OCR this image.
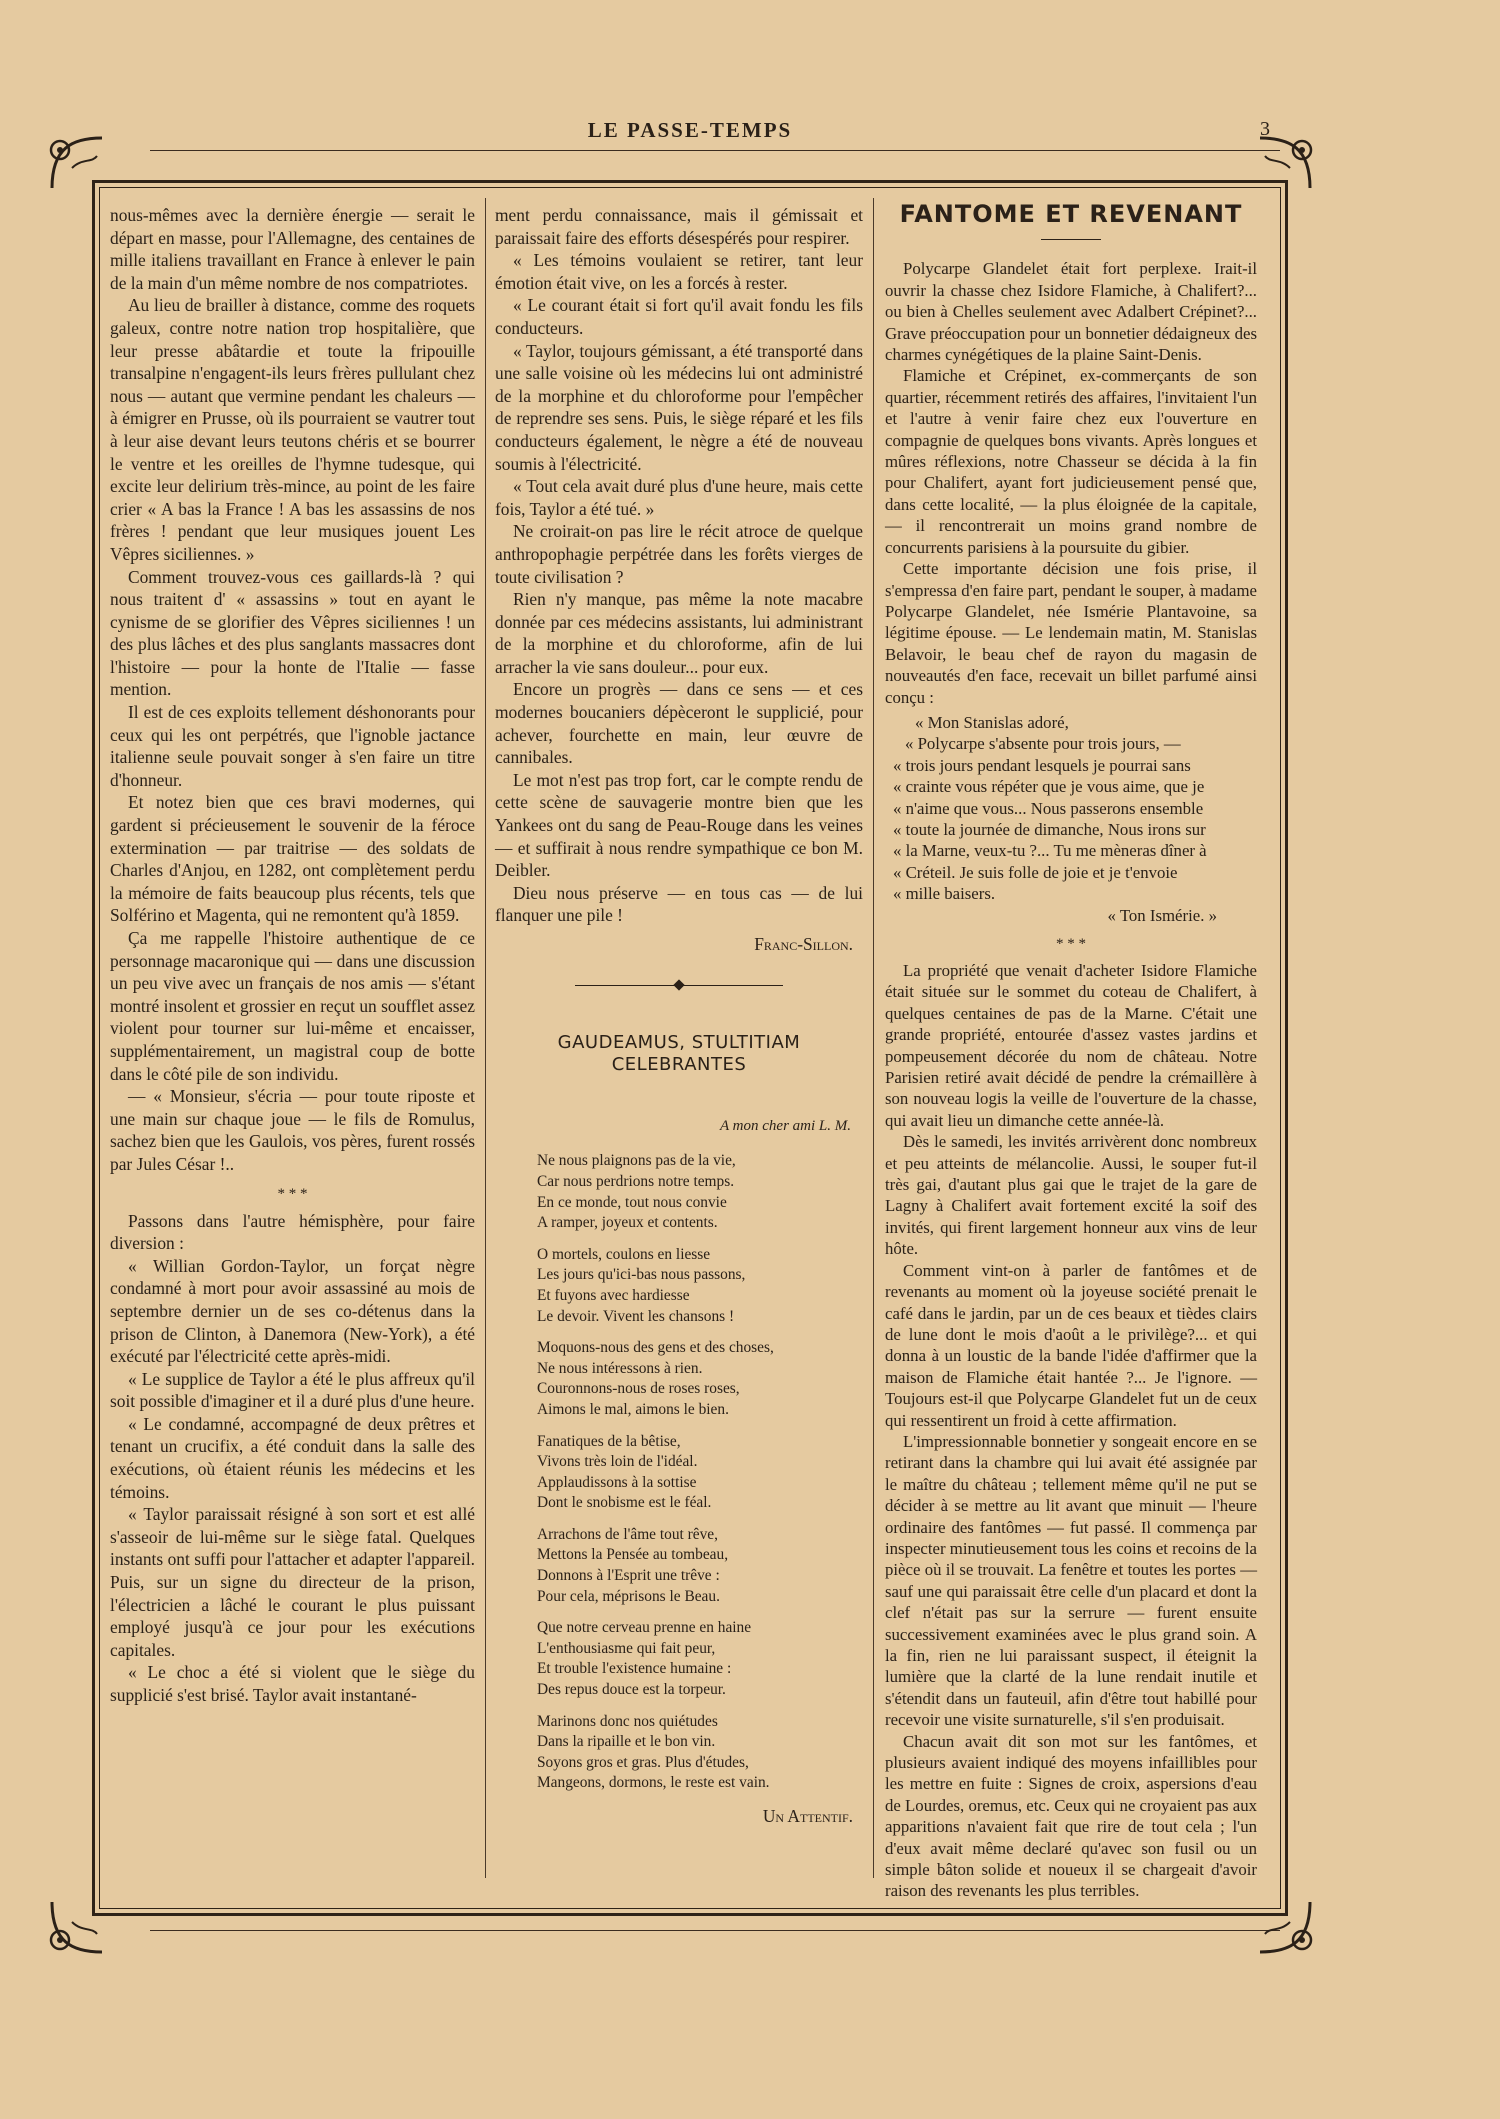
LE PASSE-TEMPS	3

nous-mêmes avec la dernière énergie — serait le départ en masse, pour l'Allemagne, des centaines de mille italiens travaillant en France à enlever le pain de la main d'un même nombre de nos compatriotes.

Au lieu de brailler à distance, comme des roquets galeux, contre notre nation trop hospitalière, que leur presse abâtardie et toute la fripouille transalpine n'engagent-ils leurs frères pullulant chez nous — autant que vermine pendant les chaleurs — à émigrer en Prusse, où ils pourraient se vautrer tout à leur aise devant leurs teutons chéris et se bourrer le ventre et les oreilles de l'hymne tudesque, qui excite leur delirium très-mince, au point de les faire crier « A bas la France ! A bas les assassins de nos frères ! pendant que leur musiques jouent Les Vêpres siciliennes. »

Comment trouvez-vous ces gaillards-là ? qui nous traitent d' « assassins » tout en ayant le cynisme de se glorifier des Vêpres siciliennes ! un des plus lâches et des plus sanglants massacres dont l'histoire — pour la honte de l'Italie — fasse mention.

Il est de ces exploits tellement déshonorants pour ceux qui les ont perpétrés, que l'ignoble jactance italienne seule pouvait songer à s'en faire un titre d'honneur.

Et notez bien que ces bravi modernes, qui gardent si précieusement le souvenir de la féroce extermination — par traitrise — des soldats de Charles d'Anjou, en 1282, ont complètement perdu la mémoire de faits beaucoup plus récents, tels que Solférino et Magenta, qui ne remontent qu'à 1859.

Ça me rappelle l'histoire authentique de ce personnage macaronique qui — dans une discussion un peu vive avec un français de nos amis — s'étant montré insolent et grossier en reçut un soufflet assez violent pour tourner sur lui-même et encaisser, supplémentairement, un magistral coup de botte dans le côté pile de son individu.

— « Monsieur, s'écria — pour toute riposte et une main sur chaque joue — le fils de Romulus, sachez bien que les Gaulois, vos pères, furent rossés par Jules César !..

* * *

Passons dans l'autre hémisphère, pour faire diversion :

« Willian Gordon-Taylor, un forçat nègre condamné à mort pour avoir assassiné au mois de septembre dernier un de ses co-détenus dans la prison de Clinton, à Danemora (New-York), a été exécuté par l'électricité cette après-midi.

« Le supplice de Taylor a été le plus affreux qu'il soit possible d'imaginer et il a duré plus d'une heure.

« Le condamné, accompagné de deux prêtres et tenant un crucifix, a été conduit dans la salle des exécutions, où étaient réunis les médecins et les témoins.

« Taylor paraissait résigné à son sort et est allé s'asseoir de lui-même sur le siège fatal. Quelques instants ont suffi pour l'attacher et adapter l'appareil. Puis, sur un signe du directeur de la prison, l'électricien a lâché le courant le plus puissant employé jusqu'à ce jour pour les exécutions capitales.

« Le choc a été si violent que le siège du supplicié s'est brisé. Taylor avait instantané-

ment perdu connaissance, mais il gémissait et paraissait faire des efforts désespérés pour respirer.

« Les témoins voulaient se retirer, tant leur émotion était vive, on les a forcés à rester.

« Le courant était si fort qu'il avait fondu les fils conducteurs.

« Taylor, toujours gémissant, a été transporté dans une salle voisine où les médecins lui ont administré de la morphine et du chloroforme pour l'empêcher de reprendre ses sens. Puis, le siège réparé et les fils conducteurs également, le nègre a été de nouveau soumis à l'électricité.

« Tout cela avait duré plus d'une heure, mais cette fois, Taylor a été tué. »

Ne croirait-on pas lire le récit atroce de quelque anthropophagie perpétrée dans les forêts vierges de toute civilisation ?

Rien n'y manque, pas même la note macabre donnée par ces médecins assistants, lui administrant de la morphine et du chloroforme, afin de lui arracher la vie sans douleur... pour eux.

Encore un progrès — dans ce sens — et ces modernes boucaniers dépèceront le supplicié, pour achever, fourchette en main, leur œuvre de cannibales.

Le mot n'est pas trop fort, car le compte rendu de cette scène de sauvagerie montre bien que les Yankees ont du sang de Peau-Rouge dans les veines — et suffirait à nous rendre sympathique ce bon M. Deibler.

Dieu nous préserve — en tous cas — de lui flanquer une pile !

Franc-Sillon.
GAUDEAMUS, STULTITIAM CELEBRANTES
A mon cher ami L. M.
Ne nous plaignons pas de la vie,
Car nous perdrions notre temps.
En ce monde, tout nous convie
A ramper, joyeux et contents.
O mortels, coulons en liesse
Les jours qu'ici-bas nous passons,
Et fuyons avec hardiesse
Le devoir. Vivent les chansons !
Moquons-nous des gens et des choses,
Ne nous intéressons à rien.
Couronnons-nous de roses roses,
Aimons le mal, aimons le bien.
Fanatiques de la bêtise,
Vivons très loin de l'idéal.
Applaudissons à la sottise
Dont le snobisme est le féal.
Arrachons de l'âme tout rêve,
Mettons la Pensée au tombeau,
Donnons à l'Esprit une trêve :
Pour cela, méprisons le Beau.
Que notre cerveau prenne en haine
L'enthousiasme qui fait peur,
Et trouble l'existence humaine :
Des repus douce est la torpeur.
Marinons donc nos quiétudes
Dans la ripaille et le bon vin.
Soyons gros et gras. Plus d'études,
Mangeons, dormons, le reste est vain.
Un Attentif.
FANTOME ET REVENANT

Polycarpe Glandelet était fort perplexe. Irait-il ouvrir la chasse chez Isidore Flamiche, à Chalifert?... ou bien à Chelles seulement avec Adalbert Crépinet?... Grave préoccupation pour un bonnetier dédaigneux des charmes cynégétiques de la plaine Saint-Denis.

Flamiche et Crépinet, ex-commerçants de son quartier, récemment retirés des affaires, l'invitaient l'un et l'autre à venir faire chez eux l'ouverture en compagnie de quelques bons vivants. Après longues et mûres réflexions, notre Chasseur se décida à la fin pour Chalifert, ayant fort judicieusement pensé que, dans cette localité, — la plus éloignée de la capitale, — il rencontrerait un moins grand nombre de concurrents parisiens à la poursuite du gibier.

Cette importante décision une fois prise, il s'empressa d'en faire part, pendant le souper, à madame Polycarpe Glandelet, née Ismérie Plantavoine, sa légitime épouse. — Le lendemain matin, M. Stanislas Belavoir, le beau chef de rayon du magasin de nouveautés d'en face, recevait un billet parfumé ainsi conçu :

« Mon Stanislas adoré,
« Polycarpe s'absente pour trois jours, —
« trois jours pendant lesquels je pourrai sans
« crainte vous répéter que je vous aime, que je
« n'aime que vous... Nous passerons ensemble
« toute la journée de dimanche, Nous irons sur
« la Marne, veux-tu ?... Tu me mèneras dîner à
« Créteil. Je suis folle de joie et je t'envoie
« mille baisers.
« Ton Ismérie. »
* * *

La propriété que venait d'acheter Isidore Flamiche était située sur le sommet du coteau de Chalifert, à quelques centaines de pas de la Marne. C'était une grande propriété, entourée d'assez vastes jardins et pompeusement décorée du nom de château. Notre Parisien retiré avait décidé de pendre la crémaillère à son nouveau logis la veille de l'ouverture de la chasse, qui avait lieu un dimanche cette année-là.

Dès le samedi, les invités arrivèrent donc nombreux et peu atteints de mélancolie. Aussi, le souper fut-il très gai, d'autant plus gai que le trajet de la gare de Lagny à Chalifert avait fortement excité la soif des invités, qui firent largement honneur aux vins de leur hôte.

Comment vint-on à parler de fantômes et de revenants au moment où la joyeuse société prenait le café dans le jardin, par un de ces beaux et tièdes clairs de lune dont le mois d'août a le privilège?... et qui donna à un loustic de la bande l'idée d'affirmer que la maison de Flamiche était hantée ?... Je l'ignore. — Toujours est-il que Polycarpe Glandelet fut un de ceux qui ressentirent un froid à cette affirmation.

L'impressionnable bonnetier y songeait encore en se retirant dans la chambre qui lui avait été assignée par le maître du château ; tellement même qu'il ne put se décider à se mettre au lit avant que minuit — l'heure ordinaire des fantômes — fut passé. Il commença par inspecter minutieusement tous les coins et recoins de la pièce où il se trouvait. La fenêtre et toutes les portes — sauf une qui paraissait être celle d'un placard et dont la clef n'était pas sur la serrure — furent ensuite successivement examinées avec le plus grand soin. A la fin, rien ne lui paraissant suspect, il éteignit la lumière que la clarté de la lune rendait inutile et s'étendit dans un fauteuil, afin d'être tout habillé pour recevoir une visite surnaturelle, s'il s'en produisait.

Chacun avait dit son mot sur les fantômes, et plusieurs avaient indiqué des moyens infaillibles pour les mettre en fuite : Signes de croix, aspersions d'eau de Lourdes, oremus, etc. Ceux qui ne croyaient pas aux apparitions n'avaient fait que rire de tout cela ; l'un d'eux avait même declaré qu'avec son fusil ou un simple bâton solide et noueux il se chargeait d'avoir raison des revenants les plus terribles.
